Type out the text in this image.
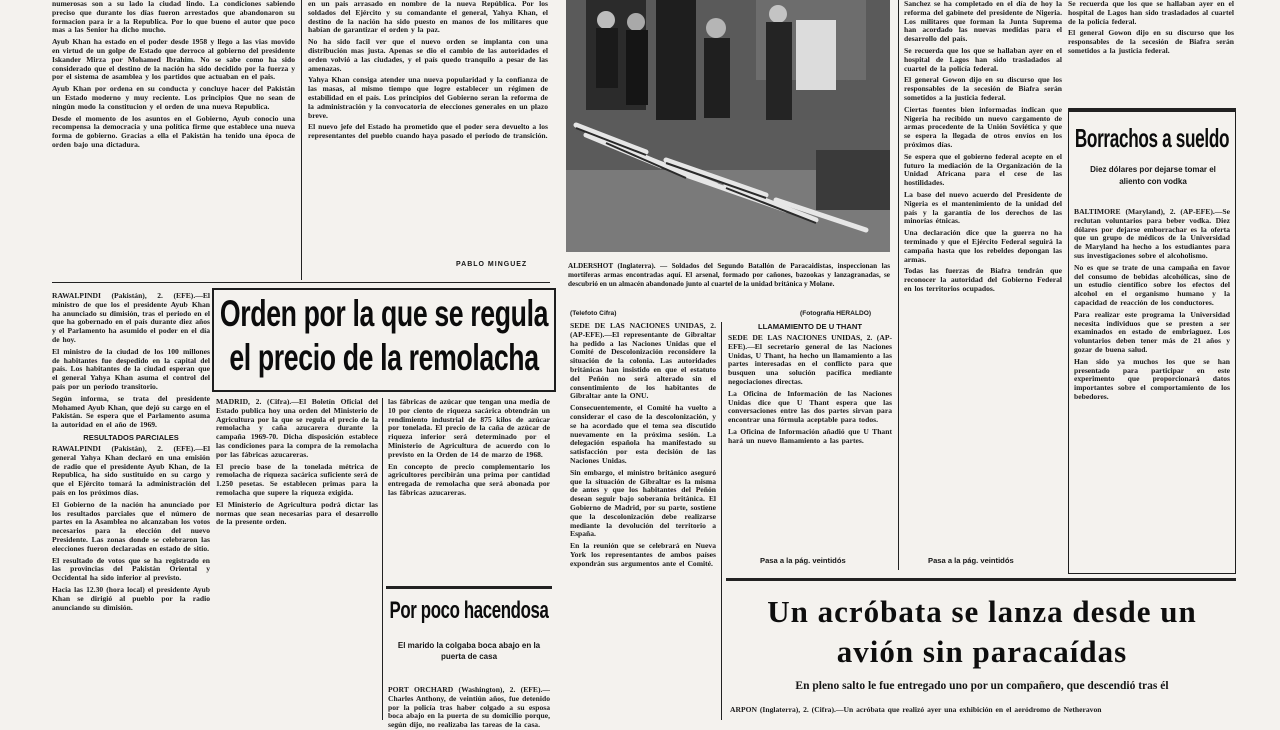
numerosas son a su lado la ciudad lindo. La condiciones sabiendo preciso que durante los días fueron arrestados que abandonaron su formacion para ir a la Republica. Por lo que bueno el autor que poco mas a las Senior ha dicho mucho.

Ayub Khan ha estado en el poder desde 1958 y llego a las vias movido en virtud de un golpe de Estado que derroco al gobierno del presidente Iskander Mirza por Mohamed Ibrahim. No se sabe como ha sido considerado que el destino de la nación ha sido decidido por la fuerza y por el sistema de asamblea y los partidos que actuaban en el pais.

Ayub Khan por ordena en su conducta y concluye hacer del Pakistán un Estado moderno y muy reciente. Los principios Que no sean de ningún modo la constitucion y el orden de una nueva Republica.

Desde el momento de los asuntos en el Gobierno, Ayub conocio una recompensa la democracia y una política firme que establece una nueva forma de gobierno. Gracias a ella el Pakistán ha tenido una época de orden bajo una dictadura.

RAWALPINDI (Pakistán), 2. (EFE).—El ministro de que los el presidente Ayub Khan ha anunciado su dimisión, tras el periodo en el que ha gobernado en el país durante diez años y el Parlamento ha asumido el poder en el día de hoy.

El ministro de la ciudad de los 100 millones de habitantes fue despedido en la capital del país. Los habitantes de la ciudad esperan que el general Yahya Khan asuma el control del país por un periodo transitorio.

Según informa, se trata del presidente Mohamed Ayub Khan, que dejó su cargo en el Pakistán. Se espera que el Parlamento asuma la autoridad en el año de 1969.

RESULTADOS PARCIALES

RAWALPINDI (Pakistán), 2. (EFE).—El general Yahya Khan declaró en una emisión de radio que el presidente Ayub Khan, de la Republica, ha sido sustituido en su cargo y que el Ejército tomará la administración del país en los próximos días.

El Gobierno de la nación ha anunciado por los resultados parciales que el número de partes en la Asamblea no alcanzaban los votos necesarios para la elección del nuevo Presidente. Las zonas donde se celebraron las elecciones fueron declaradas en estado de sitio.

El resultado de votos que se ha registrado en las provincias del Pakistán Oriental y Occidental ha sido inferior al previsto.

Hacia las 12.30 (hora local) el presidente Ayub Khan se dirigió al pueblo por la radio anunciando su dimisión.

en un pais arrasado en nombre de la nueva República. Por los soldados del Ejército y su comandante el general, Yahya Khan, el destino de la nación ha sido puesto en manos de los militares que habían de garantizar el orden y la paz.

No ha sido facil ver que el nuevo orden se implanta con una distribución mas justa. Apenas se dio el cambio de las autoridades el orden volvió a las ciudades, y el país quedo tranquilo a pesar de las amenazas.

Yahya Khan consiga atender una nueva popularidad y la confianza de las masas, al mismo tiempo que logre establecer un régimen de estabilidad en el país. Los principios del Gobierno seran la reforma de la administración y la convocatoria de elecciones generales en un plazo breve.

El nuevo jefe del Estado ha prometido que el poder sera devuelto a los representantes del pueblo cuando haya pasado el periodo de transición.

PABLO MINGUEZ	ALDERSHOT (Inglaterra). — Soldados del Segundo Batallón de Paracaidistas, inspeccionan las mortíferas armas encontradas aquí. El arsenal, formado por cañones, bazookas y lanzagranadas, se descubrió en un almacén abandonado junto al cuartel de la unidad británica y Molane.
(Telefoto Cifra)	(Fotografía HERALDO)
Orden por la que se regula el precio de la remolacha

MADRID, 2. (Cifra).—El Boletín Oficial del Estado publica hoy una orden del Ministerio de Agricultura por la que se regula el precio de la remolacha y caña azucarera durante la campaña 1969-70. Dicha disposición establece las condiciones para la compra de la remolacha por las fábricas azucareras.

El precio base de la tonelada métrica de remolacha de riqueza sacárica suficiente será de 1.250 pesetas. Se establecen primas para la remolacha que supere la riqueza exigida.

El Ministerio de Agricultura podrá dictar las normas que sean necesarias para el desarrollo de la presente orden.

las fábricas de azúcar que tengan una media de 10 por ciento de riqueza sacárica obtendrán un rendimiento industrial de 875 kilos de azúcar por tonelada. El precio de la caña de azúcar de riqueza inferior será determinado por el Ministerio de Agricultura de acuerdo con lo previsto en la Orden de 14 de marzo de 1968.

En concepto de precio complementario los agricultores percibirán una prima por cantidad entregada de remolacha que será abonada por las fábricas azucareras.

Por poco hacendosa
El marido la colgaba boca abajo en la puerta de casa

PORT ORCHARD (Washington), 2. (EFE).—Charles Anthony, de veintiún años, fue detenido por la policía tras haber colgado a su esposa boca abajo en la puerta de su domicilio porque, según dijo, no realizaba las tareas de la casa.

SEDE DE LAS NACIONES UNIDAS, 2. (AP-EFE).—El representante de Gibraltar ha pedido a las Naciones Unidas que el Comité de Descolonización reconsidere la situación de la colonia. Las autoridades británicas han insistido en que el estatuto del Peñón no será alterado sin el consentimiento de los habitantes de Gibraltar ante la ONU.

Consecuentemente, el Comité ha vuelto a considerar el caso de la descolonización, y se ha acordado que el tema sea discutido nuevamente en la próxima sesión. La delegación española ha manifestado su satisfacción por esta decisión de las Naciones Unidas.

Sin embargo, el ministro británico aseguró que la situación de Gibraltar es la misma de antes y que los habitantes del Peñón desean seguir bajo soberanía británica. El Gobierno de Madrid, por su parte, sostiene que la descolonización debe realizarse mediante la devolución del territorio a España.

En la reunión que se celebrará en Nueva York los representantes de ambos países expondrán sus argumentos ante el Comité.

LLAMAMIENTO DE U THANT

SEDE DE LAS NACIONES UNIDAS, 2. (AP-EFE).—El secretario general de las Naciones Unidas, U Thant, ha hecho un llamamiento a las partes interesadas en el conflicto para que busquen una solución pacífica mediante negociaciones directas.

La Oficina de Información de las Naciones Unidas dice que U Thant espera que las conversaciones entre las dos partes sirvan para encontrar una fórmula aceptable para todos.

La Oficina de Información añadió que U Thant hará un nuevo llamamiento a las partes.

Pasa a la pág. veintidós

Sanchez se ha completado en el día de hoy la reforma del gabinete del presidente de Nigeria. Los militares que forman la Junta Suprema han acordado las nuevas medidas para el desarrollo del país.

Se recuerda que los que se hallaban ayer en el hospital de Lagos han sido trasladados al cuartel de la policía federal.

El general Gowon dijo en su discurso que los responsables de la secesión de Biafra serán sometidos a la justicia federal.

Ciertas fuentes bien informadas indican que Nigeria ha recibido un nuevo cargamento de armas procedente de la Unión Soviética y que se espera la llegada de otros envíos en los próximos días.

Se espera que el gobierno federal acepte en el futuro la mediación de la Organización de la Unidad Africana para el cese de las hostilidades.

La base del nuevo acuerdo del Presidente de Nigeria es el mantenimiento de la unidad del país y la garantía de los derechos de las minorías étnicas.

Una declaración dice que la guerra no ha terminado y que el Ejército Federal seguirá la campaña hasta que los rebeldes depongan las armas.

Todas las fuerzas de Biafra tendrán que reconocer la autoridad del Gobierno Federal en los territorios ocupados.

Pasa a la pág. veintidós
Borrachos a sueldo
Diez dólares por dejarse tomar el aliento con vodka

BALTIMORE (Maryland), 2. (AP-EFE).—Se reclutan voluntarios para beber vodka. Diez dólares por dejarse emborrachar es la oferta que un grupo de médicos de la Universidad de Maryland ha hecho a los estudiantes para sus investigaciones sobre el alcoholismo.

No es que se trate de una campaña en favor del consumo de bebidas alcohólicas, sino de un estudio científico sobre los efectos del alcohol en el organismo humano y la capacidad de reacción de los conductores.

Para realizar este programa la Universidad necesita individuos que se presten a ser examinados en estado de embriaguez. Los voluntarios deben tener más de 21 años y gozar de buena salud.

Han sido ya muchos los que se han presentado para participar en este experimento que proporcionará datos importantes sobre el comportamiento de los bebedores.

Se recuerda que los que se hallaban ayer en el hospital de Lagos han sido trasladados al cuartel de la policía federal.

El general Gowon dijo en su discurso que los responsables de la secesión de Biafra serán sometidos a la justicia federal.

Un acróbata se lanza desde un avión sin paracaídas
En pleno salto le fue entregado uno por un compañero, que descendió tras él

ARPON (Inglaterra), 2. (Cifra).—Un acróbata que realizó ayer una exhibición en el aeródromo de Netheravon
